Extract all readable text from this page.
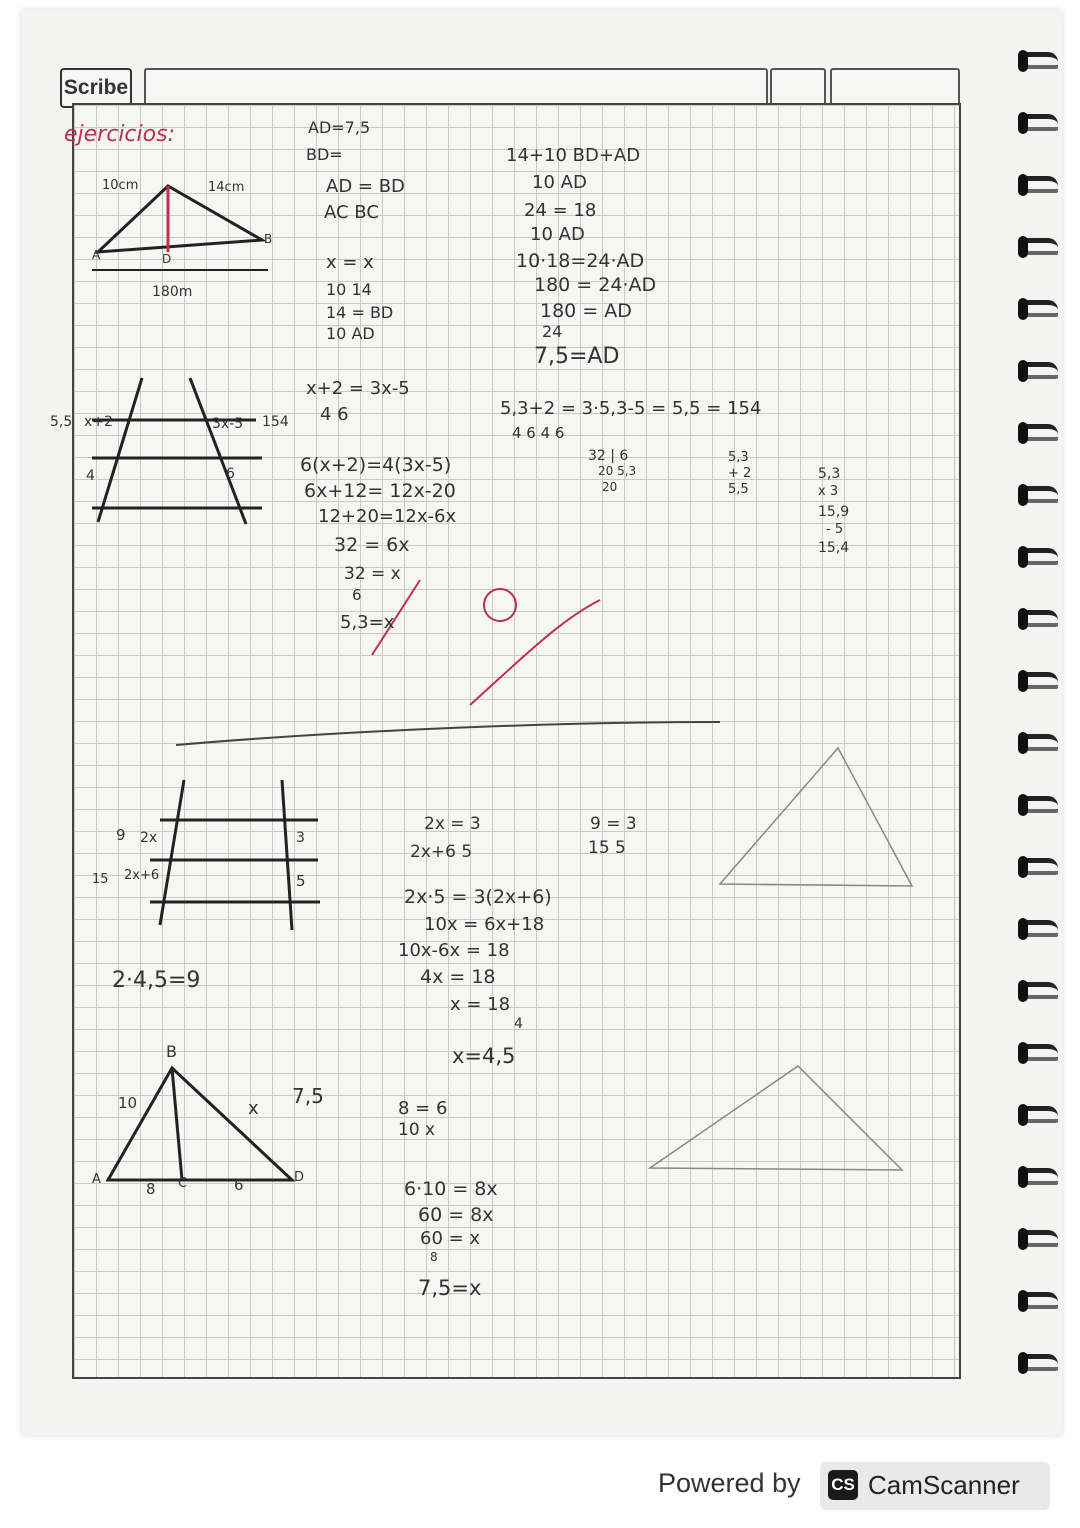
Scribe
ejercicios:
10cm	14cm
180m
A
B
D
AD=7,5
BD=
AD = BD
AC BC
x = x
10 14
14 = BD
10 AD
14+10 BD+AD
10 AD
24 = 18
10 AD
10·18=24·AD
180 = 24·AD
180 = AD
24
7,5=AD
5,5 x+2
4
3x-5 154
6
x+2 = 3x-5
4 6
6(x+2)=4(3x-5)
6x+12= 12x-20
12+20=12x-6x
32 = 6x
32 = x
6
5,3=x
5,3+2 = 3·5,3-5 = 5,5 = 154
4 6 4 6
32 | 6
20 5,3
20
5,3
+ 2
5,5
5,3
x 3
15,9
- 5
15,4
9 2x
15 2x+6
3
5
2x = 3
2x+6 5
9 = 3
15 5
2x·5 = 3(2x+6)
10x = 6x+18
10x-6x = 18
4x = 18
x = 18
4
x=4,5
2·4,5=9
B
A	C	D
10
8	6
x
7,5
8 = 6
10 x
6·10 = 8x
60 = 8x
60 = x
8
7,5=x
Powered by CS CamScanner
